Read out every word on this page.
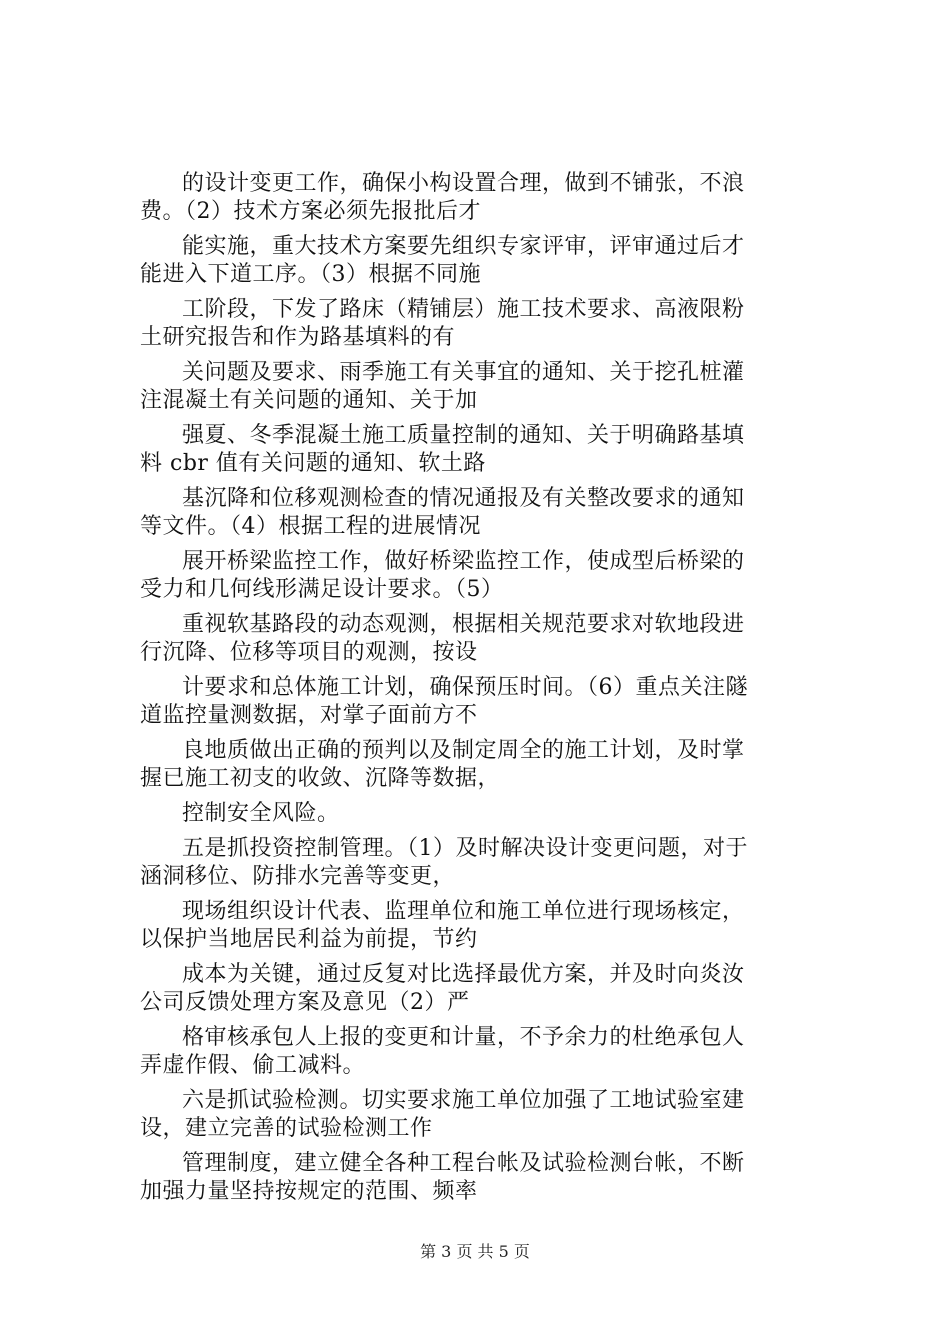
的设计变更工作，确保小构设置合理，做到不铺张，不浪
费。（2）技术方案必须先报批后才
能实施，重大技术方案要先组织专家评审，评审通过后才
能进入下道工序。（3）根据不同施
工阶段，下发了路床（精铺层）施工技术要求、高液限粉
土研究报告和作为路基填料的有
关问题及要求、雨季施工有关事宜的通知、关于挖孔桩灌
注混凝土有关问题的通知、关于加
强夏、冬季混凝土施工质量控制的通知、关于明确路基填
料 cbr 值有关问题的通知、软土路
基沉降和位移观测检查的情况通报及有关整改要求的通知
等文件。（4）根据工程的进展情况
展开桥梁监控工作，做好桥梁监控工作，使成型后桥梁的
受力和几何线形满足设计要求。（5）
重视软基路段的动态观测，根据相关规范要求对软地段进
行沉降、位移等项目的观测，按设
计要求和总体施工计划，确保预压时间。（6）重点关注隧
道监控量测数据，对掌子面前方不
良地质做出正确的预判以及制定周全的施工计划，及时掌
握已施工初支的收敛、沉降等数据，
控制安全风险。
五是抓投资控制管理。（1）及时解决设计变更问题，对于
涵洞移位、防排水完善等变更，
现场组织设计代表、监理单位和施工单位进行现场核定，
以保护当地居民利益为前提，节约
成本为关键，通过反复对比选择最优方案，并及时向炎汝
公司反馈处理方案及意见（2）严
格审核承包人上报的变更和计量，不予余力的杜绝承包人
弄虚作假、偷工减料。
六是抓试验检测。切实要求施工单位加强了工地试验室建
设，建立完善的试验检测工作
管理制度，建立健全各种工程台帐及试验检测台帐，不断
加强力量坚持按规定的范围、频率
第 3 页 共 5 页
